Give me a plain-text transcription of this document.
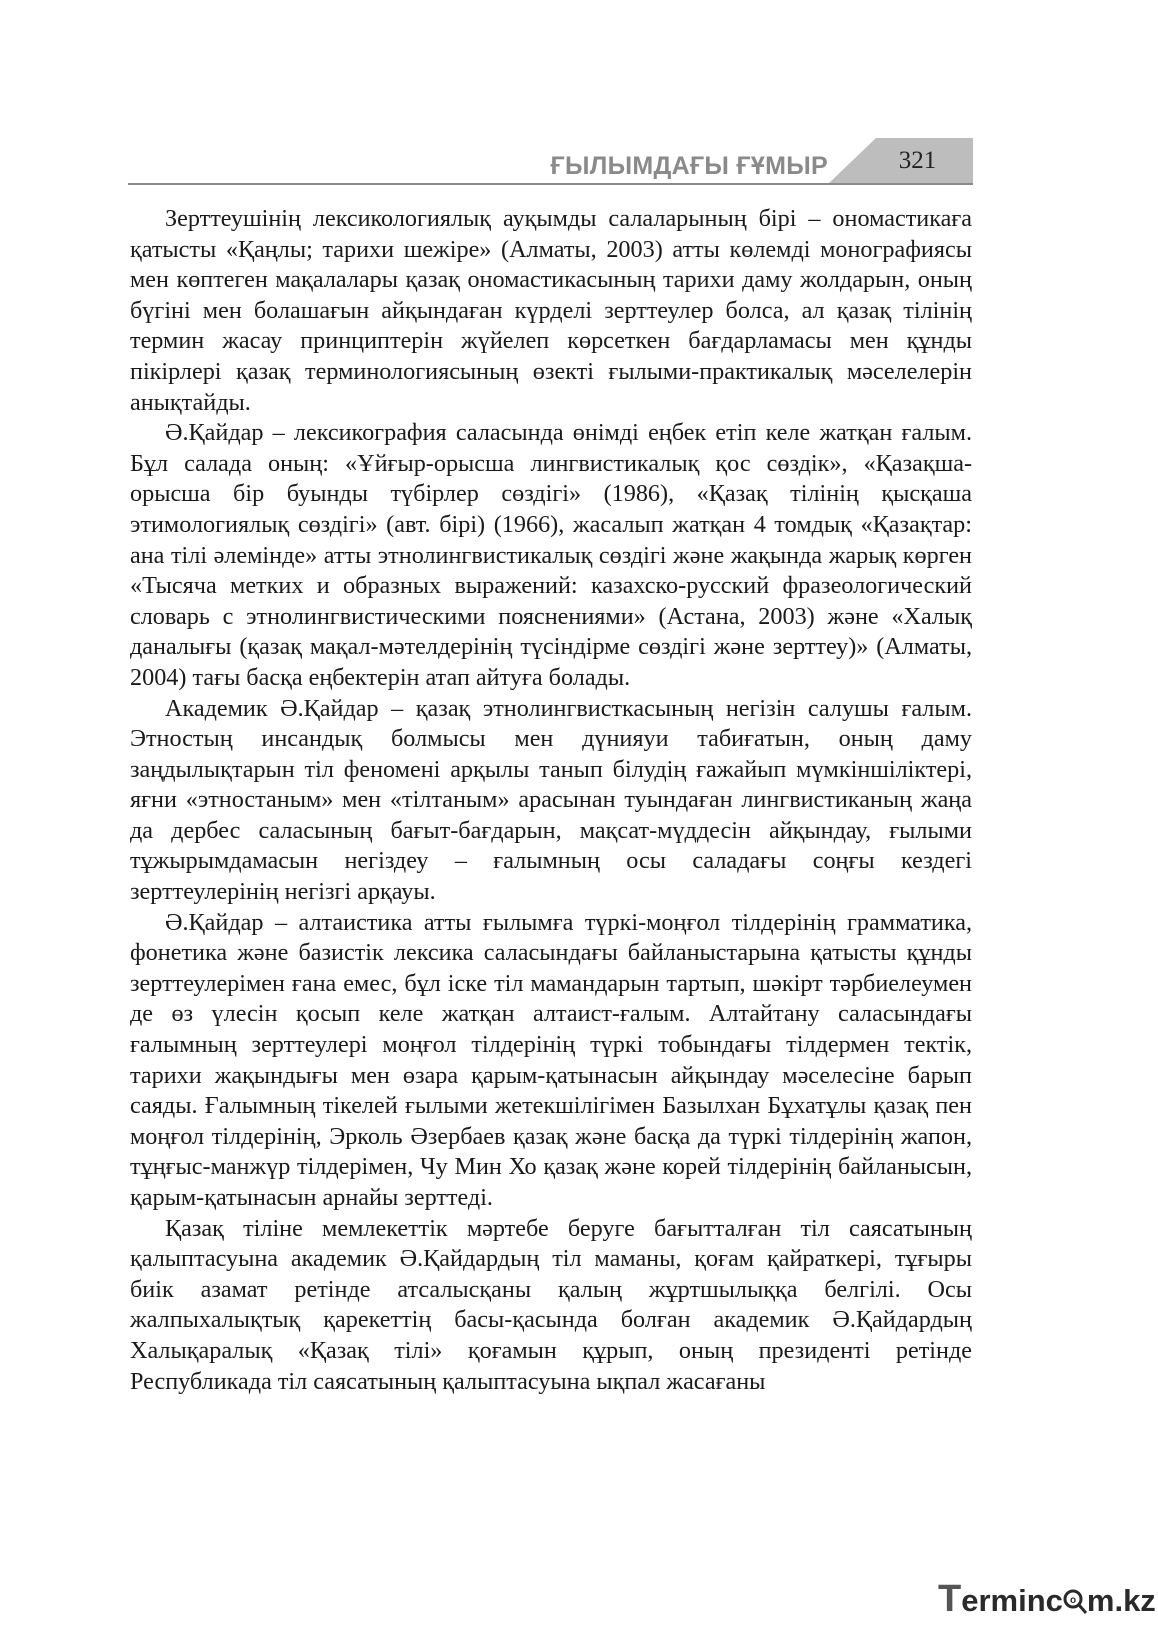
ҒЫЛЫМДАҒЫ ҒҰМЫР	321

Зерттеушінің лексикологиялық ауқымды салаларының бірі – ономастикаға қатысты «Қаңлы; тарихи шежіре» (Алматы, 2003) атты көлемді монографиясы мен көптеген мақалалары қазақ ономастикасының тарихи даму жолдарын, оның бүгіні мен болашағын айқындаған күрделі зерттеулер болса, ал қазақ тілінің термин жасау принциптерін жүйелеп көрсеткен бағдарламасы мен құнды пікірлері қазақ терминологиясының өзекті ғылыми-практикалық мәселелерін анықтайды.

Ә.Қайдар – лексикография саласында өнімді еңбек етіп келе жатқан ғалым. Бұл салада оның: «Ұйғыр-орысша лингвистикалық қос сөздік», «Қазақша-орысша бір буынды түбірлер сөздігі» (1986), «Қазақ тілінің қысқаша этимологиялық сөздігі» (авт. бірі) (1966), жасалып жатқан 4 томдық «Қазақтар: ана тілі әлемінде» атты этнолингвистикалық сөздігі және жақында жарық көрген «Тысяча метких и образных выражений: казахско-русский фразеологический словарь с этнолингвистическими пояснениями» (Астана, 2003) және «Халық даналығы (қазақ мақал-мәтелдерінің түсіндірме сөздігі және зерттеу)» (Алматы, 2004) тағы басқа еңбектерін атап айтуға болады.

Академик Ә.Қайдар – қазақ этнолингвисткасының негізін салушы ғалым. Этностың инсандық болмысы мен дүнияуи табиғатын, оның даму заңдылықтарын тіл феномені арқылы танып білудің ғажайып мүмкіншіліктері, яғни «этностаным» мен «тілтаным» арасынан туындаған лингвистиканың жаңа да дербес саласының бағыт-бағдарын, мақсат-мүддесін айқындау, ғылыми тұжырымдамасын негіздеу – ғалымның осы саладағы соңғы кездегі зерттеулерінің негізгі арқауы.

Ә.Қайдар – алтаистика атты ғылымға түркі-моңғол тілдерінің грамматика, фонетика және базистік лексика саласындағы байланыстарына қатысты құнды зерттеулерімен ғана емес, бұл іске тіл мамандарын тартып, шәкірт тәрбиелеумен де өз үлесін қосып келе жатқан алтаист-ғалым. Алтайтану саласындағы ғалымның зерттеулері моңғол тілдерінің түркі тобындағы тілдермен тектік, тарихи жақындығы мен өзара қарым-қатынасын айқындау мәселесіне барып саяды. Ғалымның тікелей ғылыми жетекшілігімен Базылхан Бұхатұлы қазақ пен моңғол тілдерінің, Эрколь Әзербаев қазақ және басқа да түркі тілдерінің жапон, тұңғыс-манжүр тілдерімен, Чу Мин Хо қазақ және корей тілдерінің байланысын, қарым-қатынасын арнайы зерттеді.

Қазақ тіліне мемлекеттік мәртебе беруге бағытталған тіл саясатының қалыптасуына академик Ә.Қайдардың тіл маманы, қоғам қайраткері, тұғыры биік азамат ретінде атсалысқаны қалың жұртшылыққа белгілі. Осы жалпыхалықтық қарекеттің басы-қасында болған академик Ә.Қайдардың Халықаралық «Қазақ тілі» қоғамын құрып, оның президенті ретінде Республикада тіл саясатының қалыптасуына ықпал жасағаны

Terminc o m.kz
